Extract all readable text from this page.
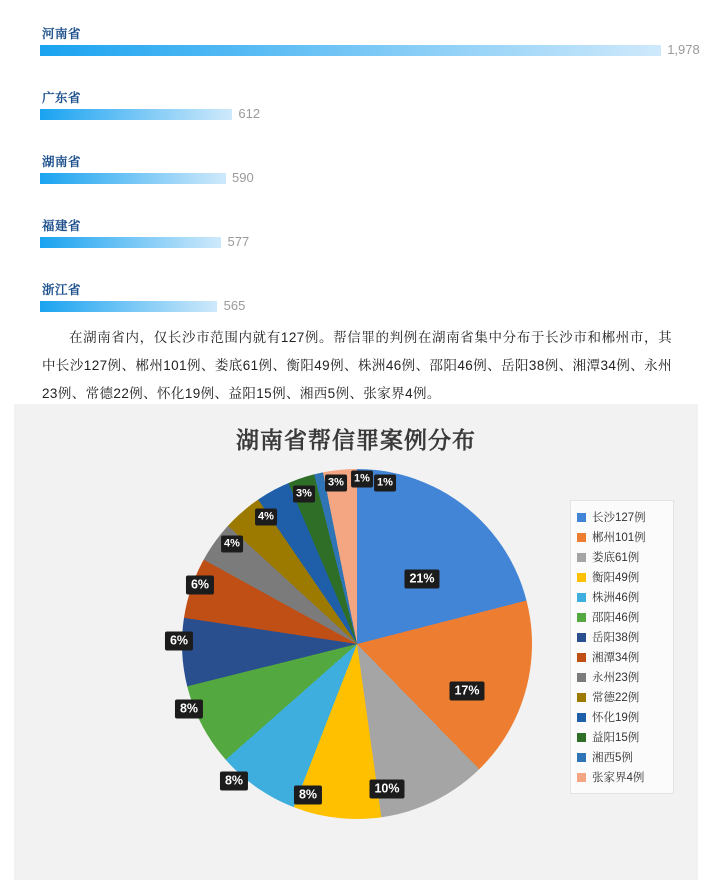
河南省
1,978
广东省
612
湖南省
590
福建省
577
浙江省
565

在湖南省内，仅长沙市范围内就有127例。帮信罪的判例在湖南省集中分布于长沙市和郴州市，其中长沙127例、郴州101例、娄底61例、衡阳49例、株洲46例、邵阳46例、岳阳38例、湘潭34例、永州23例、常德22例、怀化19例、益阳15例、湘西5例、张家界4例。

湖南省帮信罪案例分布
21%
17%
10%
8%
8%
8%
6%
6%
4%
4%
3%
3% 1% 1%
长沙127例
郴州101例
娄底61例
衡阳49例
株洲46例
邵阳46例
岳阳38例
湘潭34例
永州23例
常德22例
怀化19例
益阳15例
湘西5例
张家界4例
